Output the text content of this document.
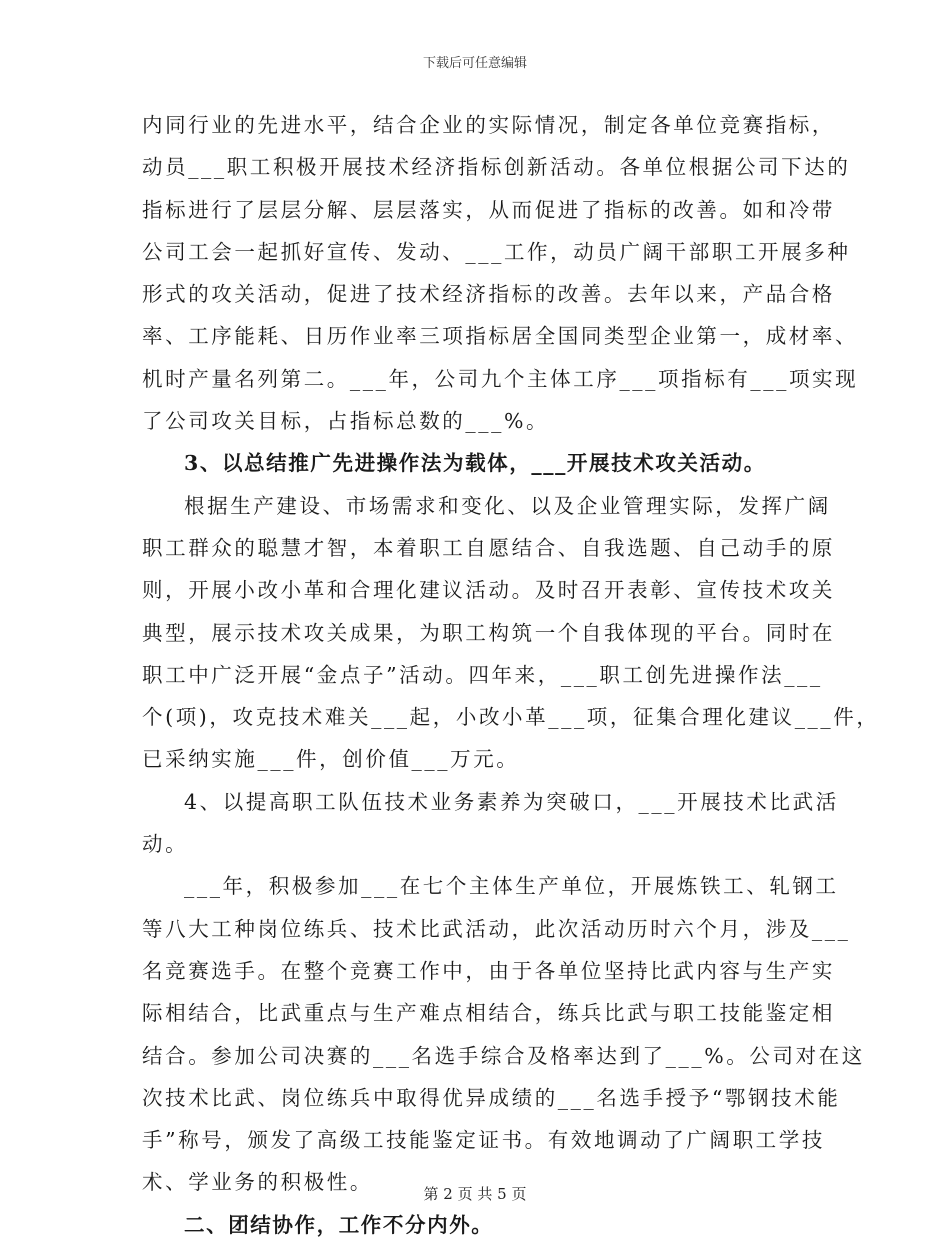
下载后可任意编辑
内同行业的先进水平，结合企业的实际情况，制定各单位竞赛指标，
动员___职工积极开展技术经济指标创新活动。各单位根据公司下达的
指标进行了层层分解、层层落实，从而促进了指标的改善。如和冷带
公司工会一起抓好宣传、发动、___工作，动员广阔干部职工开展多种
形式的攻关活动，促进了技术经济指标的改善。去年以来，产品合格
率、工序能耗、日历作业率三项指标居全国同类型企业第一，成材率、
机时产量名列第二。___年，公司九个主体工序___项指标有___项实现
了公司攻关目标，占指标总数的___%。
3、以总结推广先进操作法为载体，___开展技术攻关活动。
根据生产建设、市场需求和变化、以及企业管理实际，发挥广阔
职工群众的聪慧才智，本着职工自愿结合、自我选题、自己动手的原
则，开展小改小革和合理化建议活动。及时召开表彰、宣传技术攻关
典型，展示技术攻关成果，为职工构筑一个自我体现的平台。同时在
职工中广泛开展“金点子”活动。四年来，___职工创先进操作法___
个(项)，攻克技术难关___起，小改小革___项，征集合理化建议___件，
已采纳实施___件，创价值___万元。
4、以提高职工队伍技术业务素养为突破口，___开展技术比武活
动。
___年，积极参加___在七个主体生产单位，开展炼铁工、轧钢工
等八大工种岗位练兵、技术比武活动，此次活动历时六个月，涉及___
名竞赛选手。在整个竞赛工作中，由于各单位坚持比武内容与生产实
际相结合，比武重点与生产难点相结合，练兵比武与职工技能鉴定相
结合。参加公司决赛的___名选手综合及格率达到了___%。公司对在这
次技术比武、岗位练兵中取得优异成绩的___名选手授予“鄂钢技术能
手”称号，颁发了高级工技能鉴定证书。有效地调动了广阔职工学技
术、学业务的积极性。
二、团结协作，工作不分内外。
第 2 页 共 5 页
